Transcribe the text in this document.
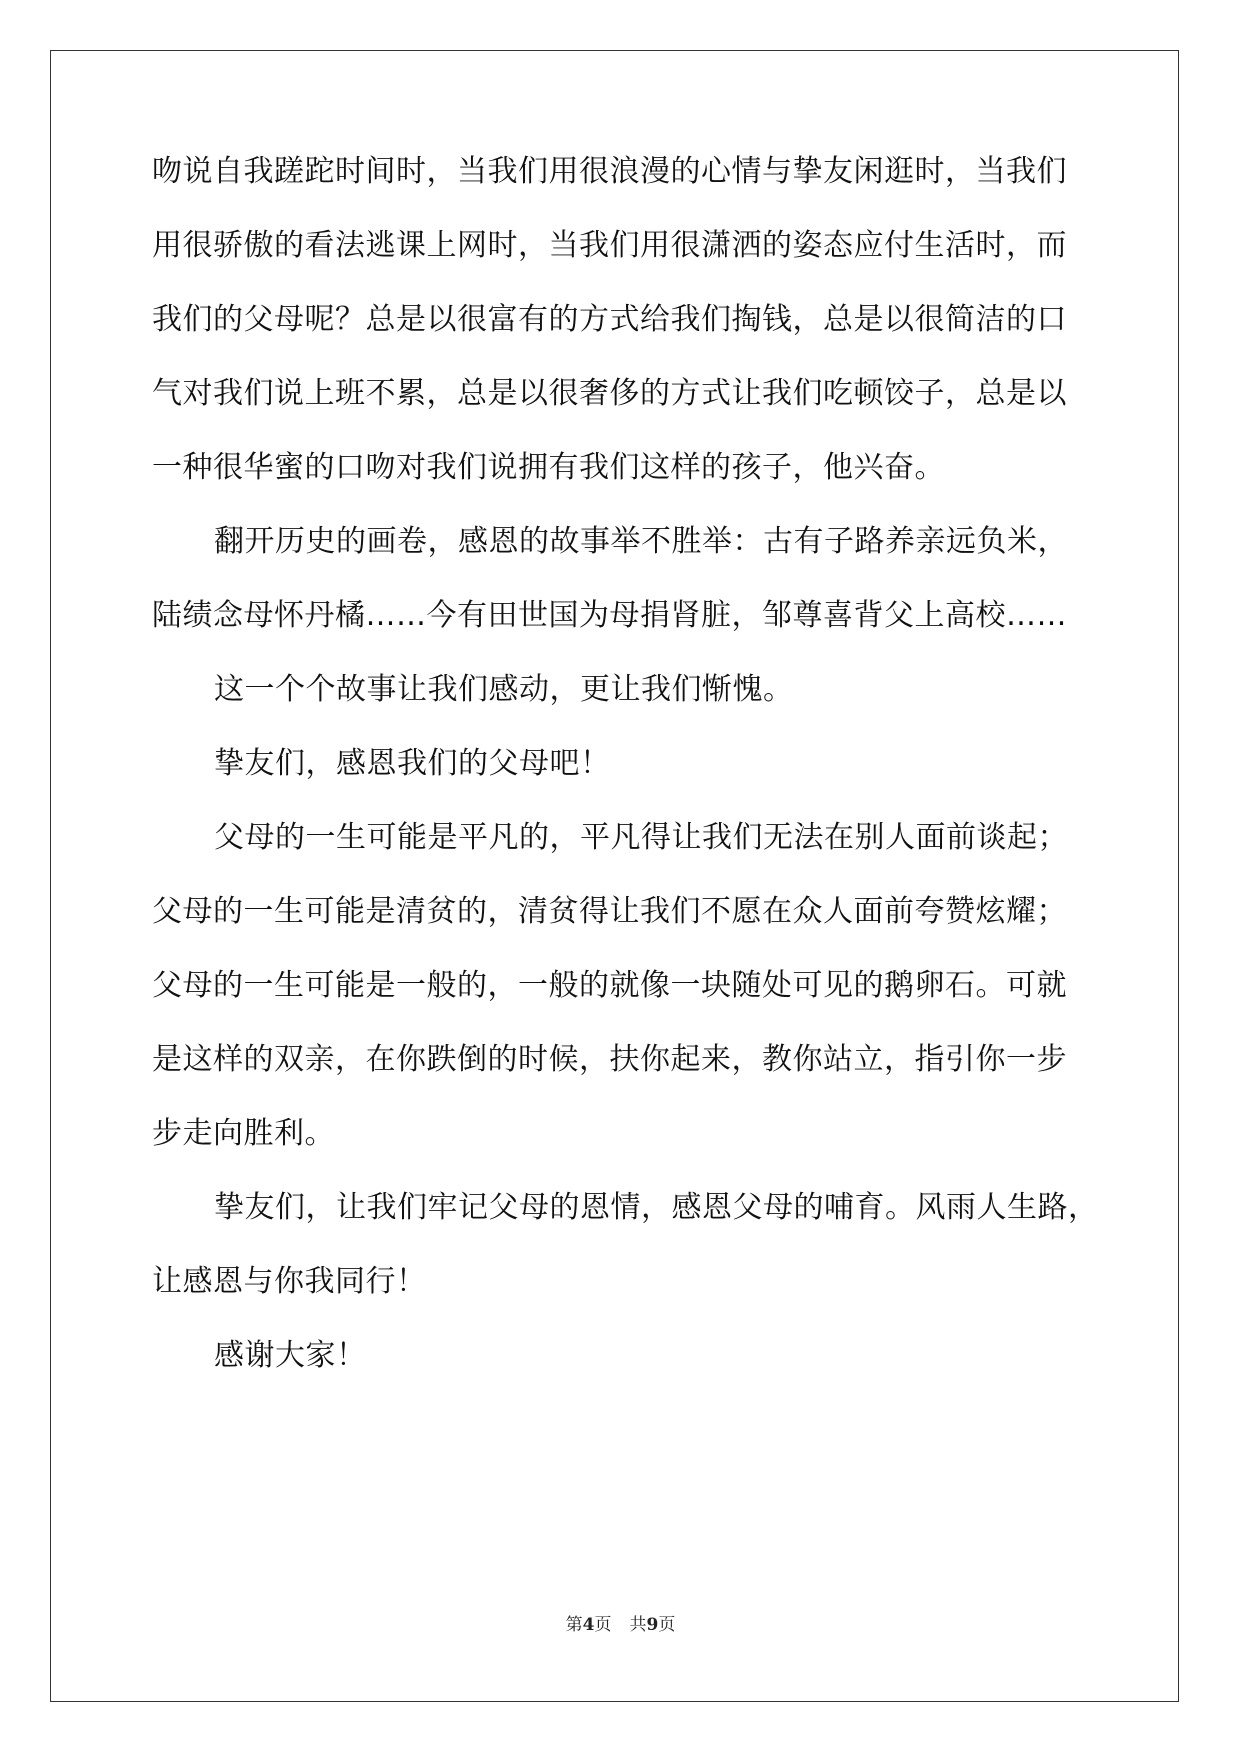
吻说自我蹉跎时间时，当我们用很浪漫的心情与挚友闲逛时，当我们
用很骄傲的看法逃课上网时，当我们用很潇洒的姿态应付生活时，而
我们的父母呢？总是以很富有的方式给我们掏钱，总是以很简洁的口
气对我们说上班不累，总是以很奢侈的方式让我们吃顿饺子，总是以
一种很华蜜的口吻对我们说拥有我们这样的孩子，他兴奋。
翻开历史的画卷，感恩的故事举不胜举：古有子路养亲远负米，
陆绩念母怀丹橘……今有田世国为母捐肾脏，邹尊喜背父上高校……
这一个个故事让我们感动，更让我们惭愧。
挚友们，感恩我们的父母吧！
父母的一生可能是平凡的，平凡得让我们无法在别人面前谈起；
父母的一生可能是清贫的，清贫得让我们不愿在众人面前夸赞炫耀；
父母的一生可能是一般的，一般的就像一块随处可见的鹅卵石。可就
是这样的双亲，在你跌倒的时候，扶你起来，教你站立，指引你一步
步走向胜利。
挚友们，让我们牢记父母的恩情，感恩父母的哺育。风雨人生路，
让感恩与你我同行！
感谢大家！
第4页 共9页
